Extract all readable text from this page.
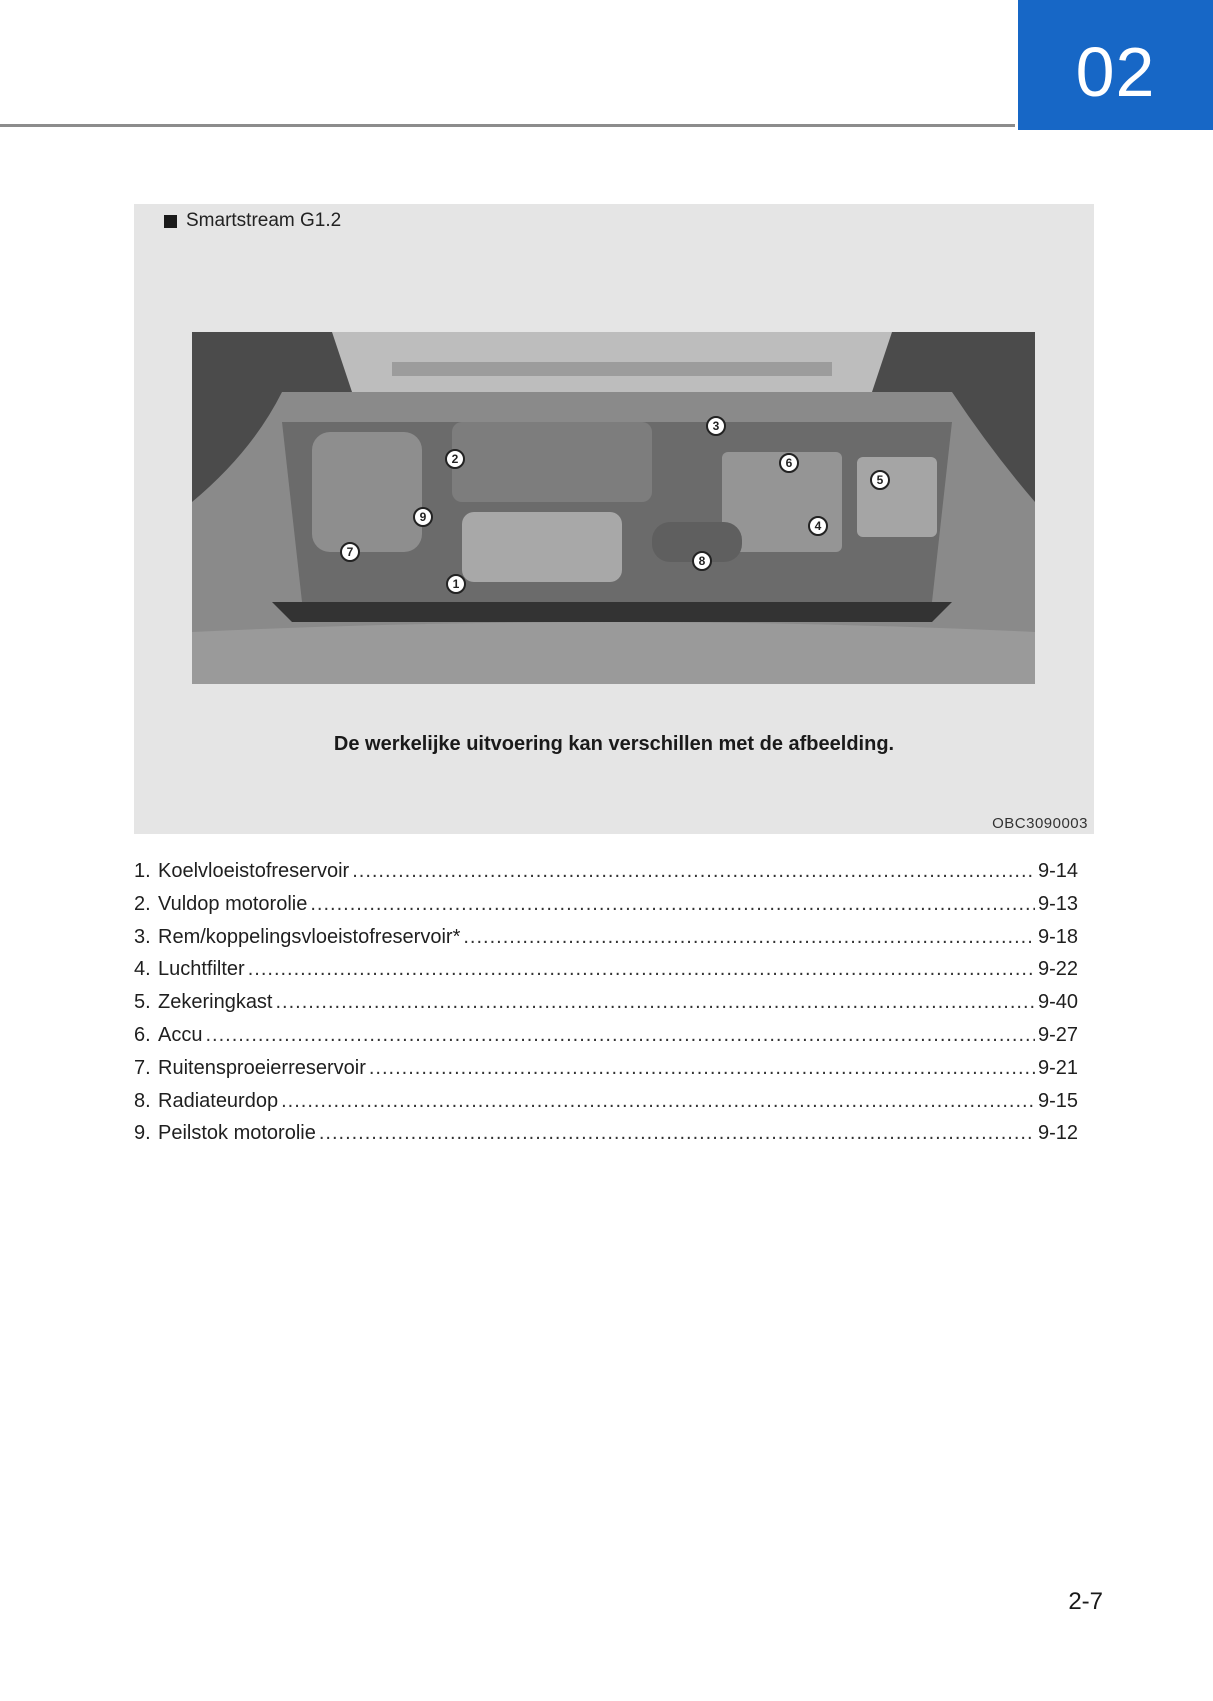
02
Smartstream G1.2
1
2
3
4
5
6
7
8
9
De werkelijke uitvoering kan verschillen met de afbeelding.
OBC3090003
1. Koelvloeistofreservoir .....	9-14
2. Vuldop motorolie .....	9-13
3. Rem/koppelingsvloeistofreservoir* .....	9-18
4. Luchtfilter .....	9-22
5. Zekeringkast .....	9-40
6. Accu .....	9-27
7. Ruitensproeierreservoir .....	9-21
8. Radiateurdop .....	9-15
9. Peilstok motorolie .....	9-12
2-7
